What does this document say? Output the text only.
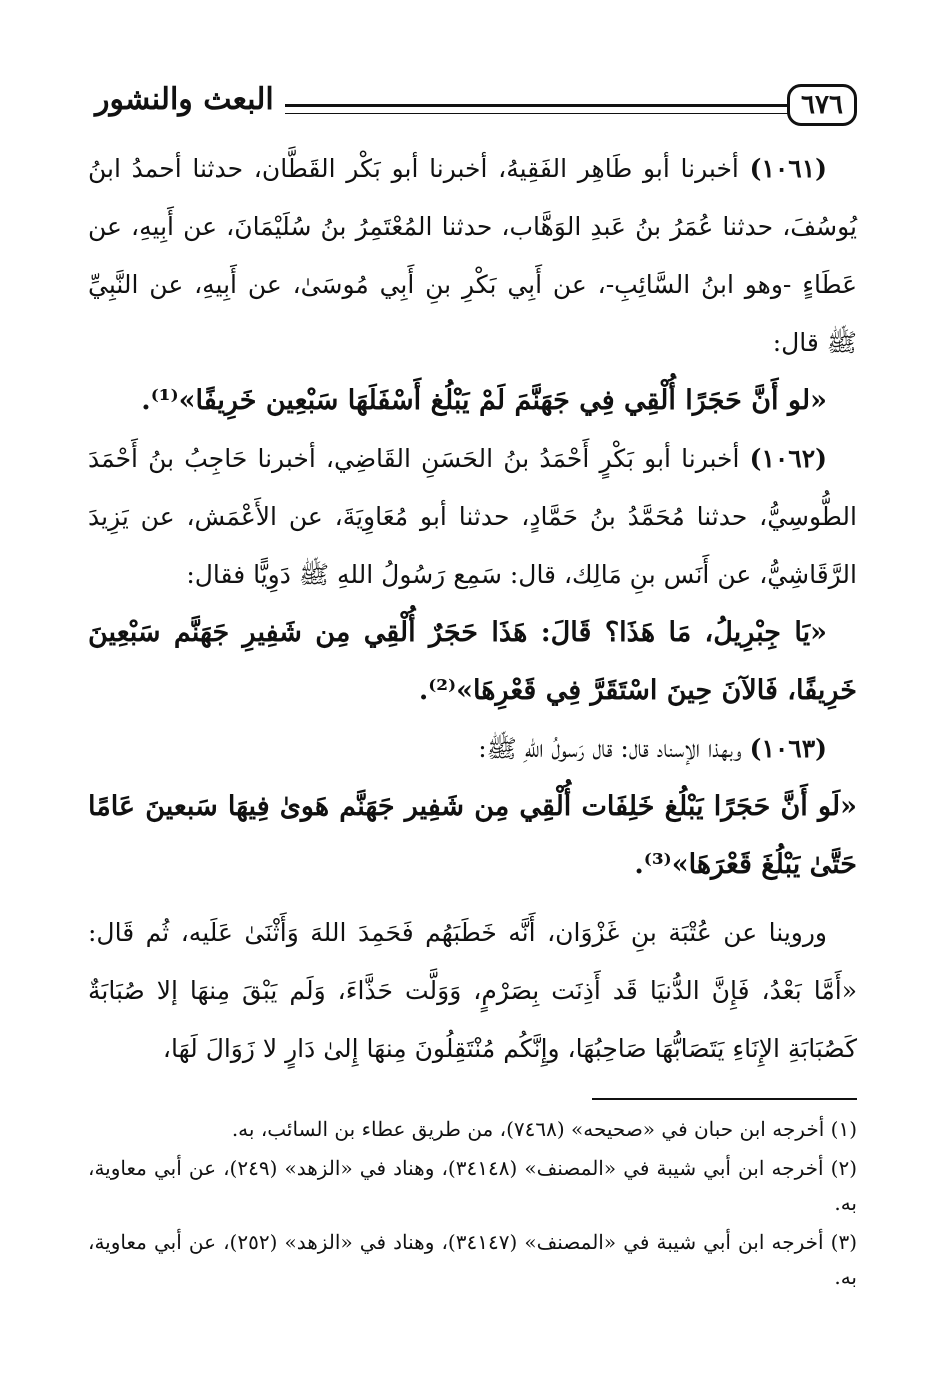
٦٧٦
البعث والنشور

(١٠٦١) أخبرنا أبو طَاهِر الفَقِيهُ، أخبرنا أبو بَكْر القَطَّان، حدثنا أحمدُ ابنُ يُوسُفَ، حدثنا عُمَرُ بنُ عَبدِ الوَهَّاب، حدثنا المُعْتَمِرُ بنُ سُلَيْمَانَ، عن أَبِيهِ، عن عَطَاءٍ -وهو ابنُ السَّائِبِ-، عن أَبِي بَكْرِ بنِ أَبِي مُوسَىٰ، عن أَبِيهِ، عن النَّبِيِّ ﷺ قال:

«لو أَنَّ حَجَرًا أُلْقِي فِي جَهَنَّمَ لَمْ يَبْلُغ أَسْفَلَهَا سَبْعِين خَرِيفًا»⁽¹⁾.

(١٠٦٢) أخبرنا أبو بَكْرٍ أَحْمَدُ بنُ الحَسَنِ القَاضِي، أخبرنا حَاجِبُ بنُ أَحْمَدَ الطُّوسِيُّ، حدثنا مُحَمَّدُ بنُ حَمَّادٍ، حدثنا أبو مُعَاوِيَةَ، عن الأَعْمَش، عن يَزِيدَ الرَّقَاشِيُّ، عن أَنَس بنِ مَالِك، قال: سَمِع رَسُولُ اللهِ ﷺ دَوِيًّا فقال:

«يَا جِبْرِيلُ، مَا هَذَا؟ قَالَ: هَذَا حَجَرٌ أُلْقِي مِن شَفِيرِ جَهَنَّم سَبْعِينَ خَرِيفًا، فَالآنَ حِينَ اسْتَقَرَّ فِي قَعْرِهَا»⁽²⁾.

(١٠٦٣) وبهذا الإسناد قال: قال رَسولُ اللهِ ﷺ:

«لَو أَنَّ حَجَرًا يَبْلُغ خَلِفَات أُلْقِي مِن شَفِير جَهَنَّم هَوىٰ فِيهَا سَبعينَ عَامًا حَتَّىٰ يَبْلُغَ قَعْرَهَا»⁽³⁾.

وروينا عن عُتْبَة بنِ غَزْوَان، أَنَّه خَطَبَهُم فَحَمِدَ اللهَ وَأَثْنَىٰ عَلَيه، ثُم قَال: «أَمَّا بَعْدُ، فَإِنَّ الدُّنيَا قَد أَذِنَت بِصَرْمٍ، وَوَلَّت حَذَّاءَ، وَلَم يَبْقَ مِنهَا إلا صُبَابَةٌ كَصُبَابَةِ الإِنَاءِ يَتَصَابُّهَا صَاحِبُهَا، وإِنَّكُم مُنْتَقِلُونَ مِنهَا إِلىٰ دَارٍ لا زَوَالَ لَهَا،

(١) أخرجه ابن حبان في «صحيحه» (٧٤٦٨)، من طريق عطاء بن السائب، به.

(٢) أخرجه ابن أبي شيبة في «المصنف» (٣٤١٤٨)، وهناد في «الزهد» (٢٤٩)، عن أبي معاوية، به.

(٣) أخرجه ابن أبي شيبة في «المصنف» (٣٤١٤٧)، وهناد في «الزهد» (٢٥٢)، عن أبي معاوية، به.
